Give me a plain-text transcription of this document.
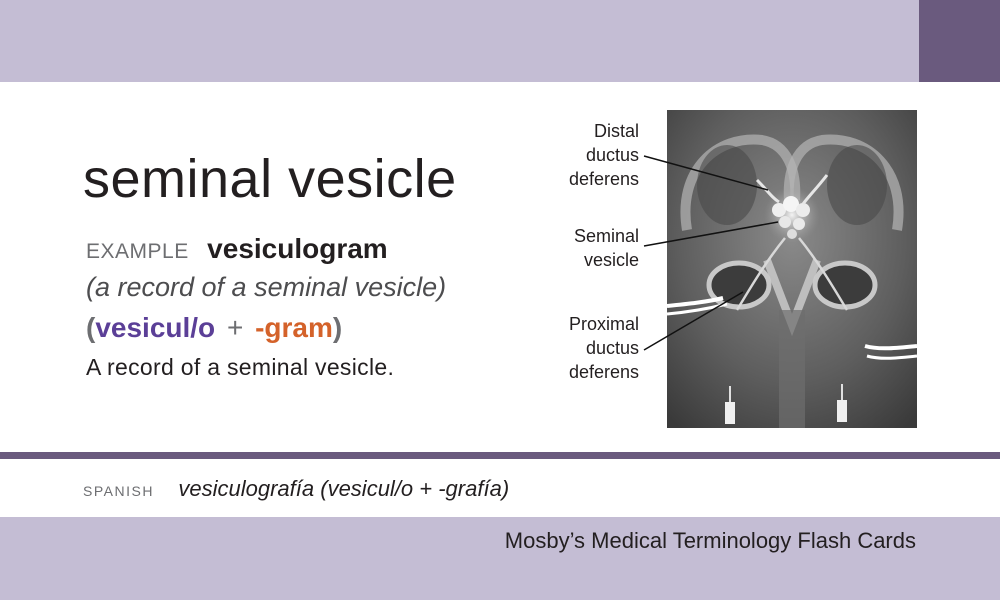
seminal vesicle
EXAMPLE vesiculogram
(a record of a seminal vesicle)
(vesicul/o + -gram)
A record of a seminal vesicle.
Distal
ductus
deferens
Seminal
vesicle
Proximal
ductus
deferens
SPANISH vesiculografía (vesicul/o + -grafía)
Mosby’s Medical Terminology Flash Cards
